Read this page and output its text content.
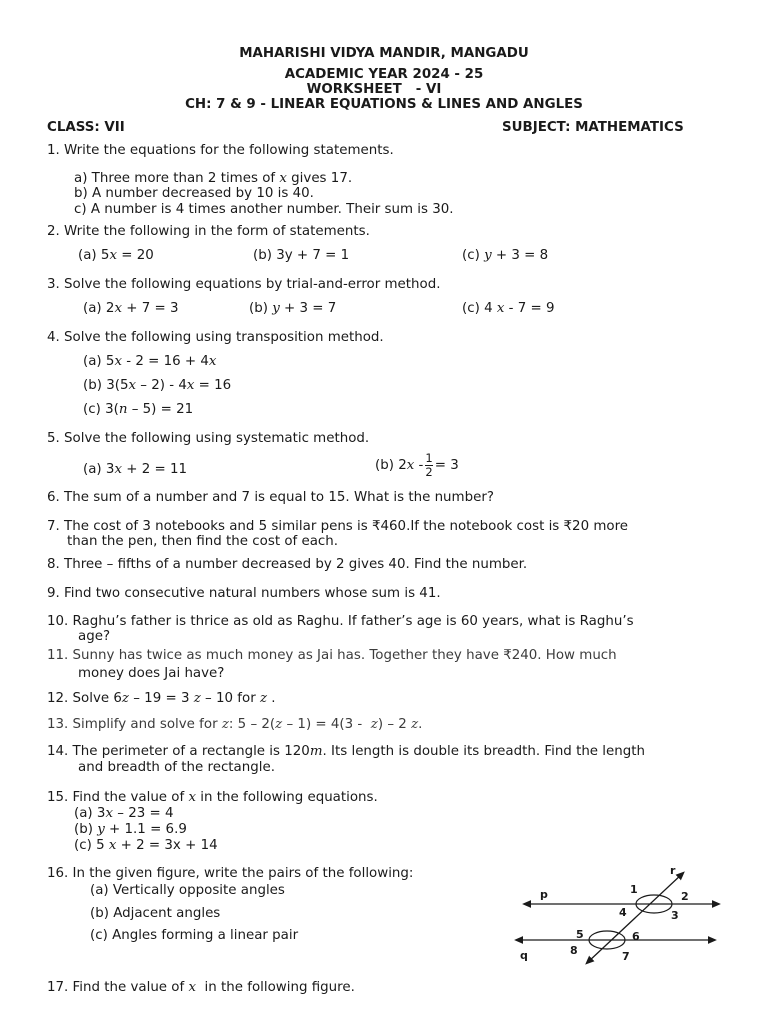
MAHARISHI VIDYA MANDIR, MANGADU
ACADEMIC YEAR 2024 - 25
WORKSHEET   - VI
CH: 7 & 9 - LINEAR EQUATIONS & LINES AND ANGLES
CLASS: VII	SUBJECT: MATHEMATICS
1. Write the equations for the following statements.
a) Three more than 2 times of x gives 17.
b) A number decreased by 10 is 40.
c) A number is 4 times another number. Their sum is 30.
2. Write the following in the form of statements.
(a) 5x = 20	(b) 3y + 7 = 1	(c) y + 3 = 8
3. Solve the following equations by trial-and-error method.
(a) 2x + 7 = 3	(b) y + 3 = 7	(c) 4 x - 7 = 9
4. Solve the following using transposition method.
(a) 5x - 2 = 16 + 4x
(b) 3(5x – 2) - 4x = 16
(c) 3(n – 5) = 21
5. Solve the following using systematic method.
(a) 3x + 2 = 11	(b) $2x - \frac{1}{2} = 3$
6. The sum of a number and 7 is equal to 15. What is the number?
7. The cost of 3 notebooks and 5 similar pens is ₹460.If the notebook cost is ₹20 more
than the pen, then find the cost of each.
8. Three – fifths of a number decreased by 2 gives 40. Find the number.
9. Find two consecutive natural numbers whose sum is 41.
10. Raghu’s father is thrice as old as Raghu. If father’s age is 60 years, what is Raghu’s
age?
11. Sunny has twice as much money as Jai has. Together they have ₹240. How much
money does Jai have?
12. Solve 6z – 19 = 3 z – 10 for z .
13. Simplify and solve for z: 5 – 2(z – 1) = 4(3 -  z) – 2 z.
14. The perimeter of a rectangle is 120m. Its length is double its breadth. Find the length
and breadth of the rectangle.
15. Find the value of x in the following equations.
(a) 3x – 23 = 4
(b) y + 1.1 = 6.9
(c) 5 x + 2 = 3x + 14
16. In the given figure, write the pairs of the following:
(a) Vertically opposite angles
(b) Adjacent angles
(c) Angles forming a linear pair
p
q
r
1
2
3
4
5	6
7
8
17. Find the value of x  in the following figure.
